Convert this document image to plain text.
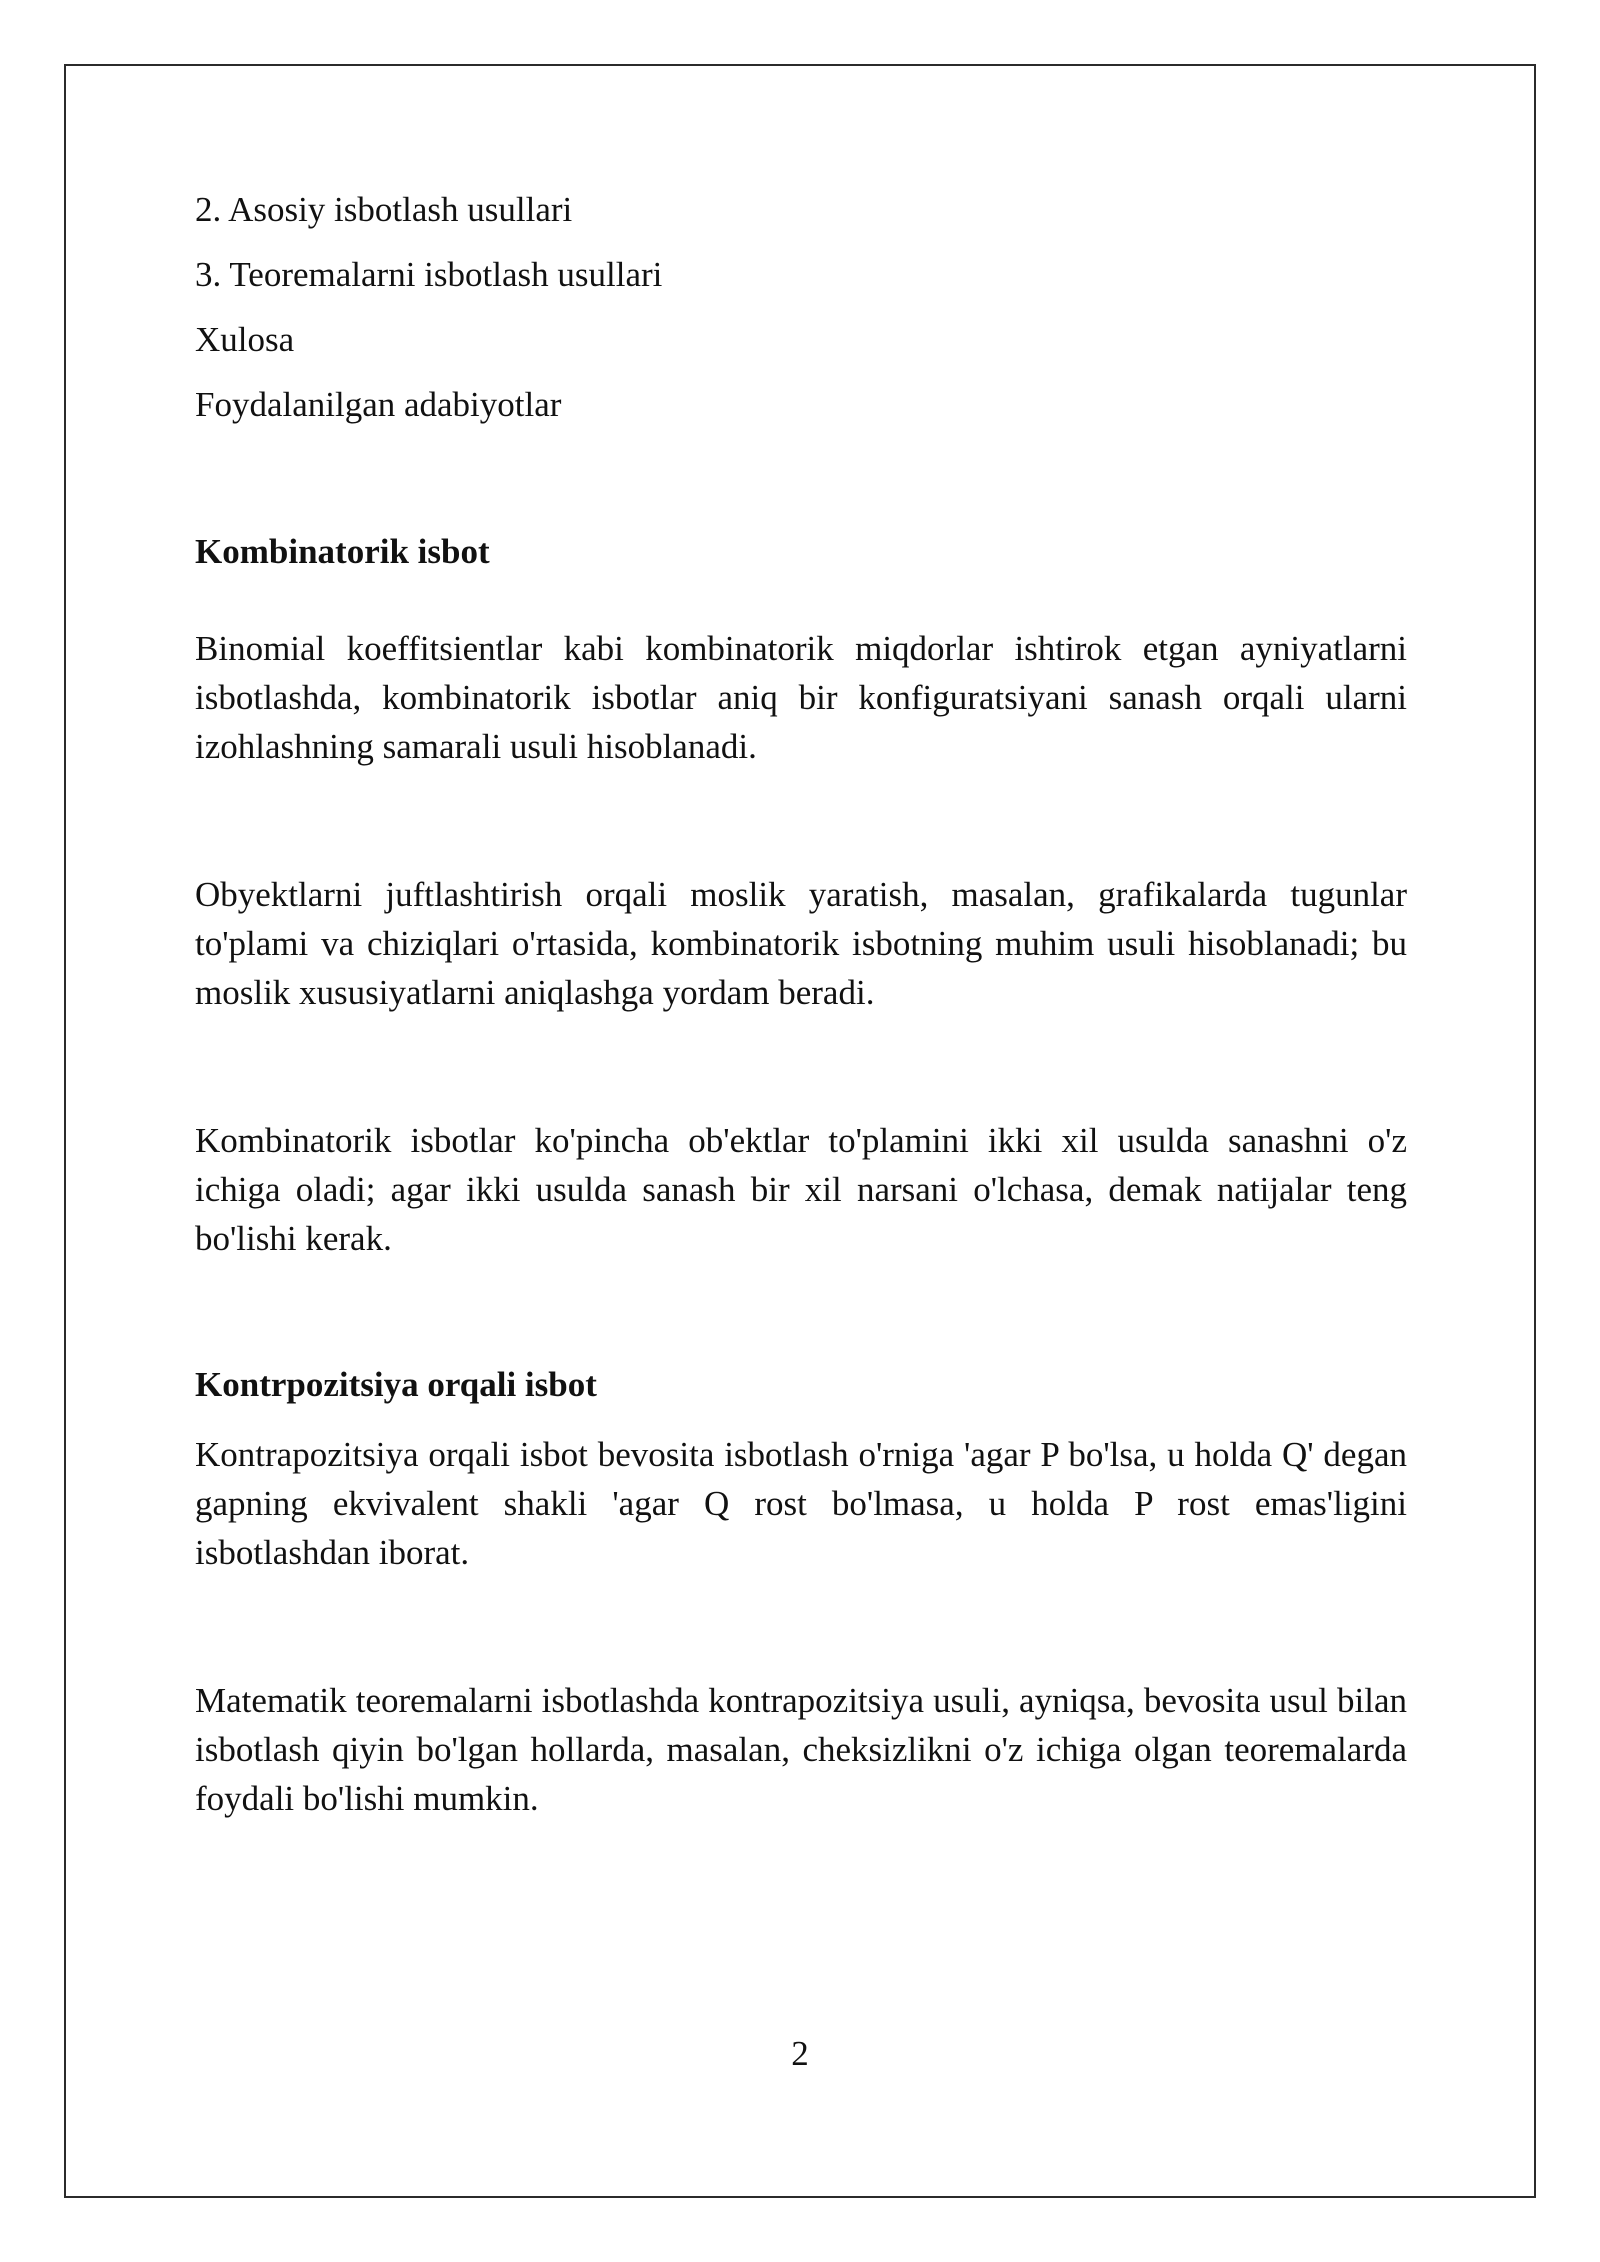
2. Asosiy isbotlash usullari
3. Teoremalarni isbotlash usullari
Xulosa
Foydalanilgan adabiyotlar
Kombinatorik isbot

Binomial koeffitsientlar kabi kombinatorik miqdorlar ishtirok etgan ayniyatlarni isbotlashda, kombinatorik isbotlar aniq bir konfiguratsiyani sanash orqali ularni izohlashning samarali usuli hisoblanadi.

Obyektlarni juftlashtirish orqali moslik yaratish, masalan, grafikalarda tugunlar to'plami va chiziqlari o'rtasida, kombinatorik isbotning muhim usuli hisoblanadi; bu moslik xususiyatlarni aniqlashga yordam beradi.

Kombinatorik isbotlar ko'pincha ob'ektlar to'plamini ikki xil usulda sanashni o'z ichiga oladi; agar ikki usulda sanash bir xil narsani o'lchasa, demak natijalar teng bo'lishi kerak.

Kontrpozitsiya orqali isbot

Kontrapozitsiya orqali isbot bevosita isbotlash o'rniga 'agar P bo'lsa, u holda Q' degan gapning ekvivalent shakli 'agar Q rost bo'lmasa, u holda P rost emas'ligini isbotlashdan iborat.

Matematik teoremalarni isbotlashda kontrapozitsiya usuli, ayniqsa, bevosita usul bilan isbotlash qiyin bo'lgan hollarda, masalan, cheksizlikni o'z ichiga olgan teoremalarda foydali bo'lishi mumkin.

2
